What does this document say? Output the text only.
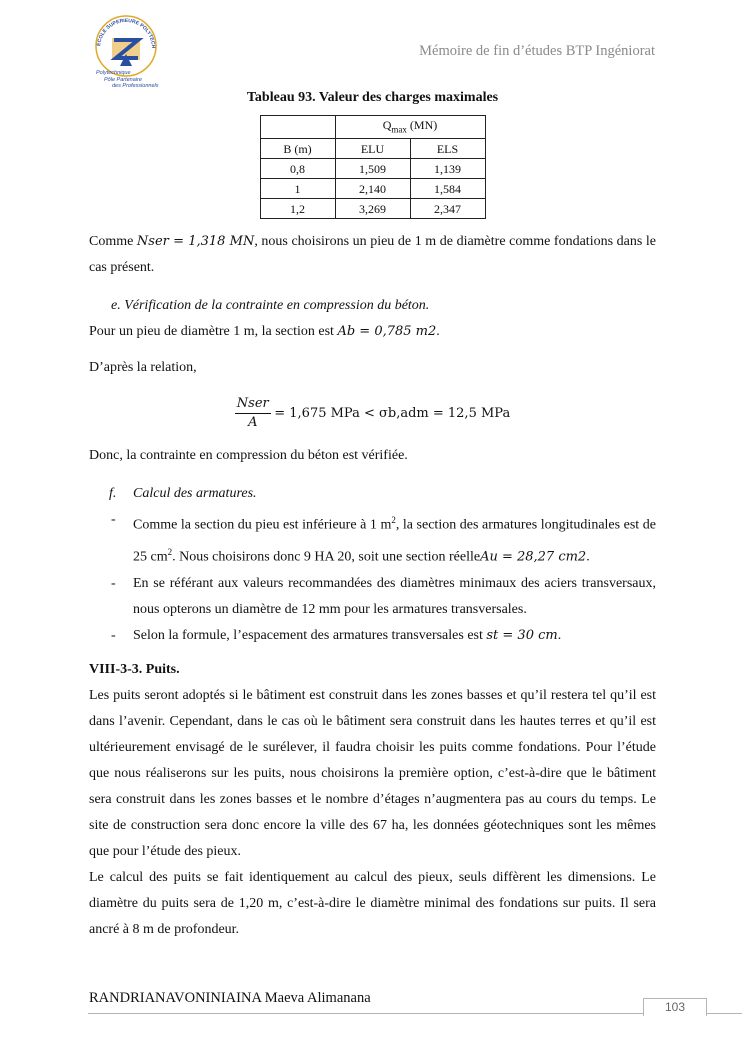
ECOLE SUPERIEURE POLYTECH
Polytechnique
Pôle Partenaire
des Professionnels
Mémoire de fin d’études BTP Ingéniorat
Tableau 93. Valeur des charges maximales
	$Q_{max}$ (MN)	
B (m)	ELU	ELS
0,8	1,509	1,139
1	2,140	1,584
1,2	3,269	2,347

Comme Nser = 1,318 MN, nous choisirons un pieu de 1 m de diamètre comme fondations dans le cas présent.

e. Vérification de la contrainte en compression du béton.

Pour un pieu de diamètre 1 m, la section est Ab = 0,785 m2.

D’après la relation,

$\frac{\text{Nser}}{A} = 1,675$ MPa < σb,adm = 12,5 MPa

Donc, la contrainte en compression du béton est vérifiée.

f.	Calcul des armatures.
-	Comme la section du pieu est inférieure à 1 $m^2$, la section des armatures longitudinales est de 25 $cm^2$. Nous choisirons donc 9 HA 20, soit une section réelleAu = 28,27 cm2.
-	En se référant aux valeurs recommandées des diamètres minimaux des aciers transversaux, nous opterons un diamètre de 12 mm pour les armatures transversales.
-	Selon la formule, l’espacement des armatures transversales est st = 30 cm.
VIII-3-3. Puits.

Les puits seront adoptés si le bâtiment est construit dans les zones basses et qu’il restera tel qu’il est dans l’avenir. Cependant, dans le cas où le bâtiment sera construit dans les hautes terres et qu’il est ultérieurement envisagé de le surélever, il faudra choisir les puits comme fondations. Pour l’étude que nous réaliserons sur les puits, nous choisirons la première option, c’est-à-dire que le bâtiment sera construit dans les zones basses et le nombre d’étages n’augmentera pas au cours du temps. Le site de construction sera donc encore la ville des 67 ha, les données géotechniques sont les mêmes que pour l’étude des pieux.

Le calcul des puits se fait identiquement au calcul des pieux, seuls diffèrent les dimensions. Le diamètre du puits sera de 1,20 m, c’est-à-dire le diamètre minimal des fondations sur puits. Il sera ancré à 8 m de profondeur.

RANDRIANAVONINIAINA Maeva Alimanana
103
